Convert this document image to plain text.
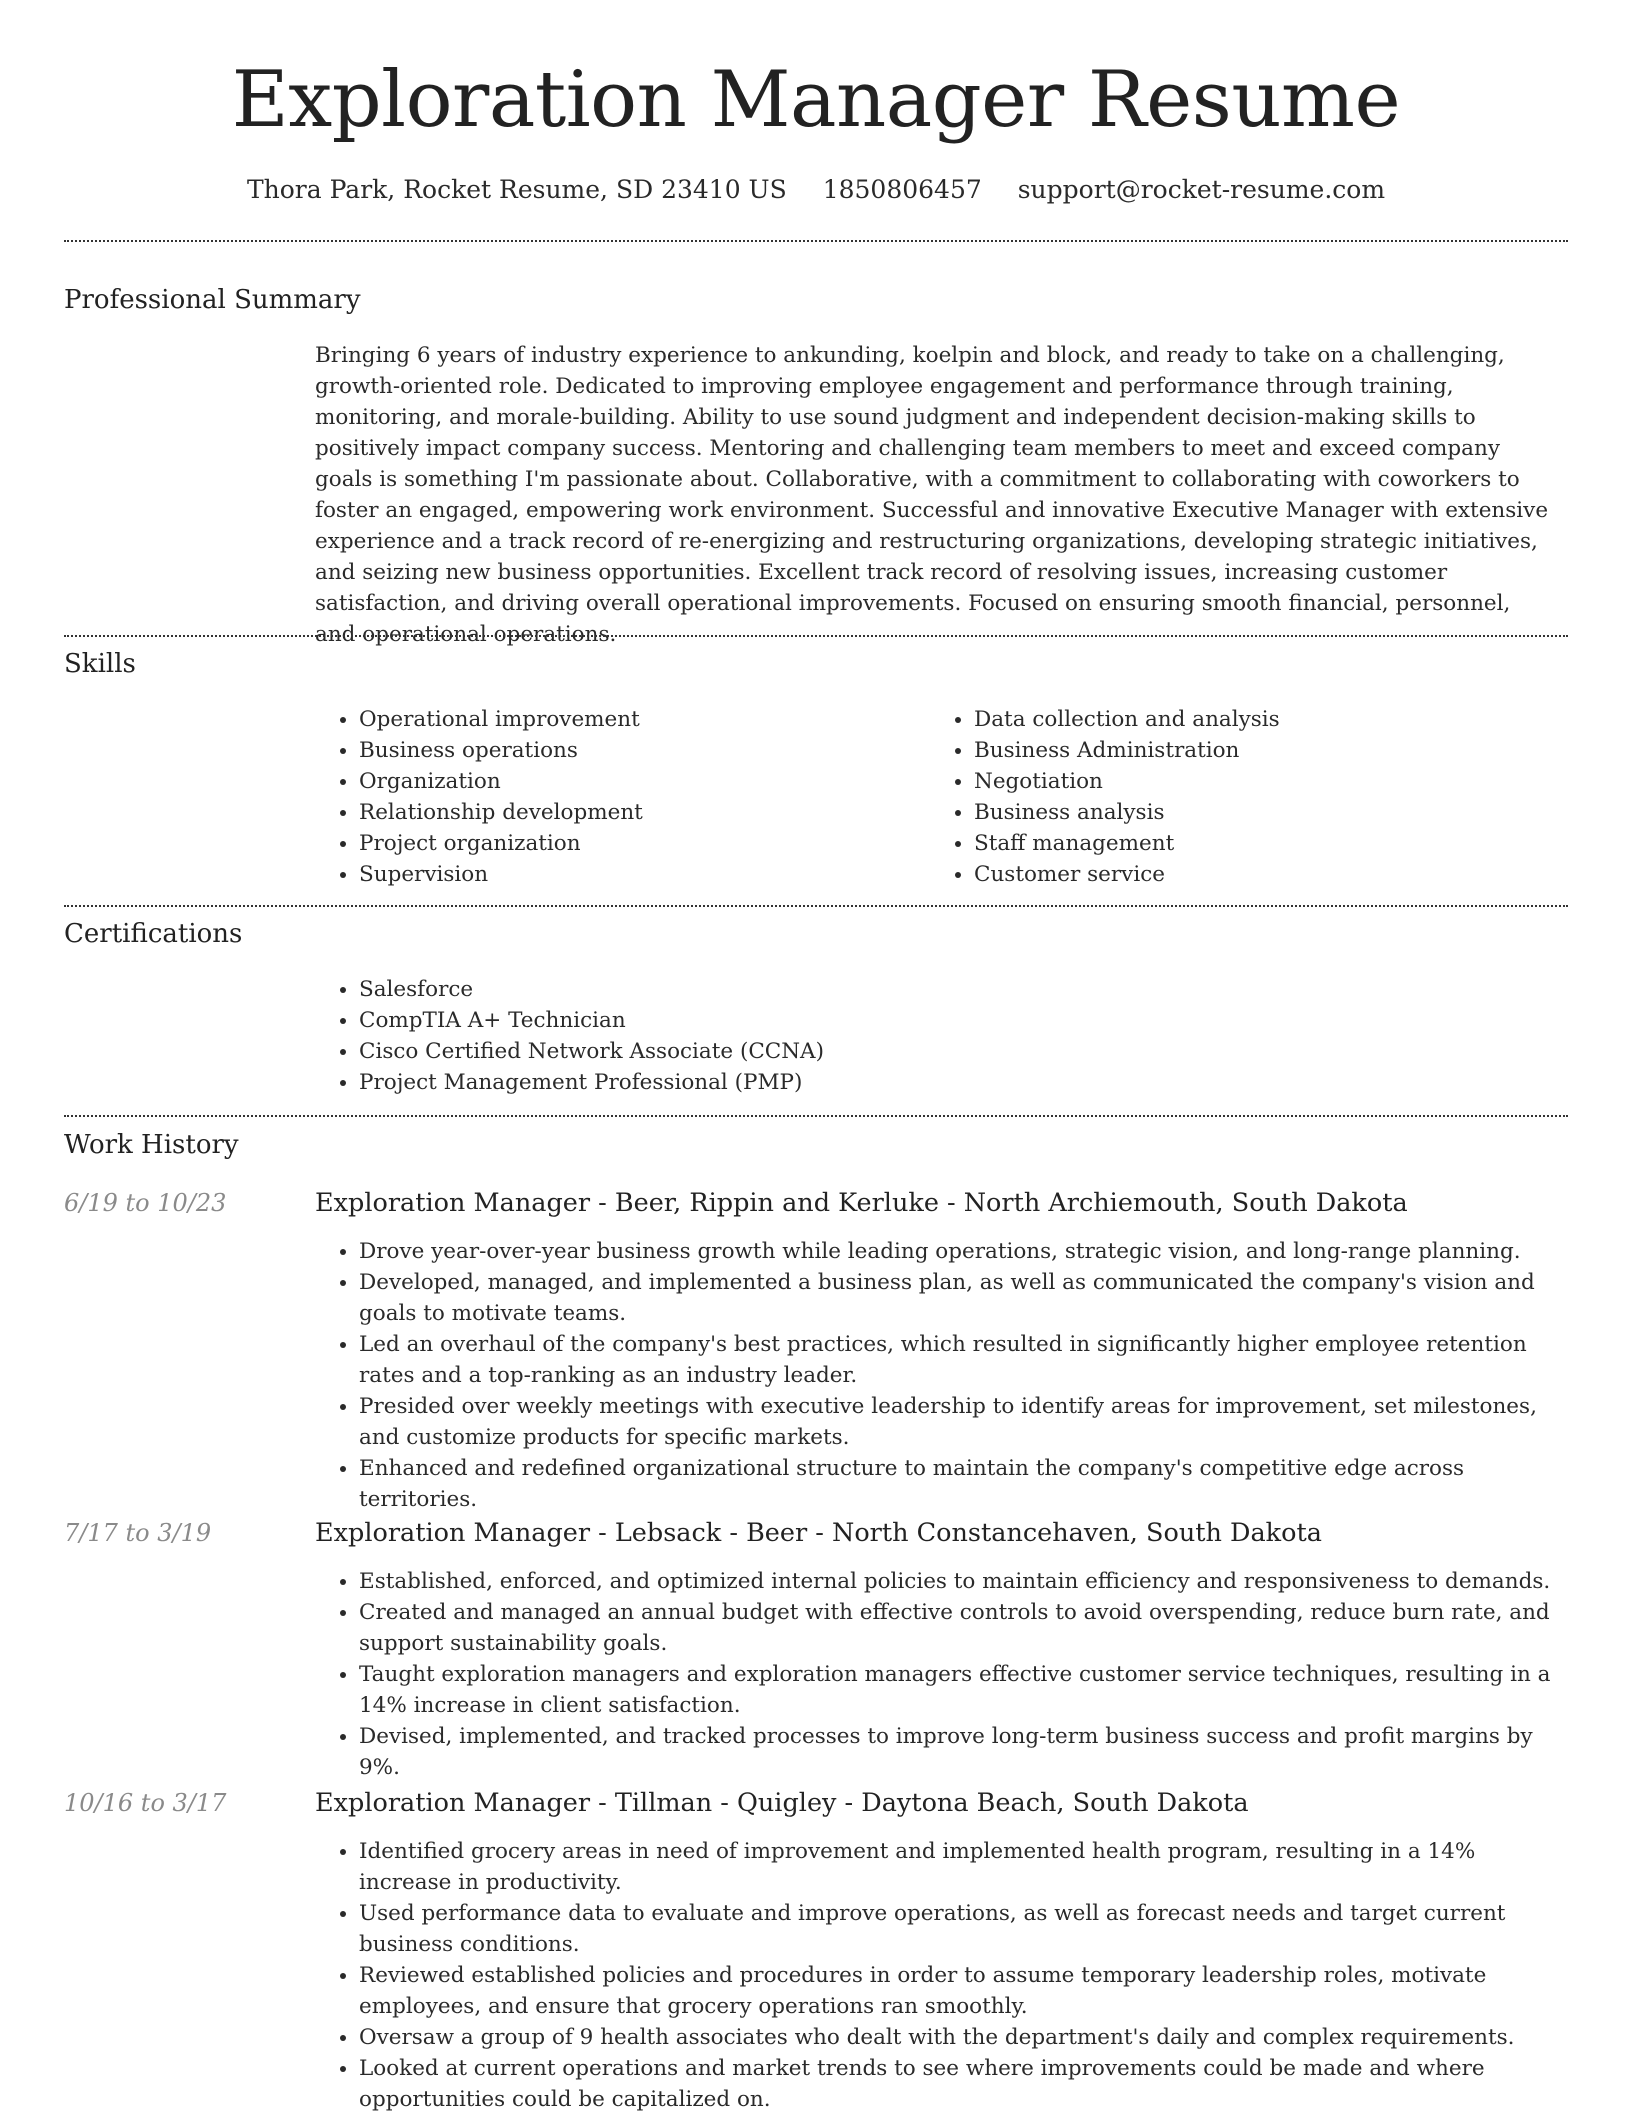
Exploration Manager Resume
Thora Park, Rocket Resume, SD 23410 US 1850806457 support@rocket-resume.com
Professional Summary

Bringing 6 years of industry experience to ankunding, koelpin and block, and ready to take on a challenging, growth-oriented role. Dedicated to improving employee engagement and performance through training, monitoring, and morale-building. Ability to use sound judgment and independent decision-making skills to positively impact company success. Mentoring and challenging team members to meet and exceed company goals is something I'm passionate about. Collaborative, with a commitment to collaborating with coworkers to foster an engaged, empowering work environment. Successful and innovative Executive Manager with extensive experience and a track record of re-energizing and restructuring organizations, developing strategic initiatives, and seizing new business opportunities. Excellent track record of resolving issues, increasing customer satisfaction, and driving overall operational improvements. Focused on ensuring smooth financial, personnel, and operational operations.

Skills
• Operational improvement
• Business operations
• Organization
• Relationship development
• Project organization
• Supervision
• Data collection and analysis
• Business Administration
• Negotiation
• Business analysis
• Staff management
• Customer service
Certifications
• Salesforce
• CompTIA A+ Technician
• Cisco Certified Network Associate (CCNA)
• Project Management Professional (PMP)
Work History
6/19 to 10/23	Exploration Manager - Beer, Rippin and Kerluke - North Archiemouth, South Dakota
• Drove year-over-year business growth while leading operations, strategic vision, and long-range planning.
• Developed, managed, and implemented a business plan, as well as communicated the company's vision and goals to motivate teams.
• Led an overhaul of the company's best practices, which resulted in significantly higher employee retention rates and a top-ranking as an industry leader.
• Presided over weekly meetings with executive leadership to identify areas for improvement, set milestones, and customize products for specific markets.
• Enhanced and redefined organizational structure to maintain the company's competitive edge across territories.
7/17 to 3/19	Exploration Manager - Lebsack - Beer - North Constancehaven, South Dakota
• Established, enforced, and optimized internal policies to maintain efficiency and responsiveness to demands.
• Created and managed an annual budget with effective controls to avoid overspending, reduce burn rate, and support sustainability goals.
• Taught exploration managers and exploration managers effective customer service techniques, resulting in a 14% increase in client satisfaction.
• Devised, implemented, and tracked processes to improve long-term business success and profit margins by 9%.
10/16 to 3/17	Exploration Manager - Tillman - Quigley - Daytona Beach, South Dakota
• Identified grocery areas in need of improvement and implemented health program, resulting in a 14% increase in productivity.
• Used performance data to evaluate and improve operations, as well as forecast needs and target current business conditions.
• Reviewed established policies and procedures in order to assume temporary leadership roles, motivate employees, and ensure that grocery operations ran smoothly.
• Oversaw a group of 9 health associates who dealt with the department's daily and complex requirements.
• Looked at current operations and market trends to see where improvements could be made and where opportunities could be capitalized on.
